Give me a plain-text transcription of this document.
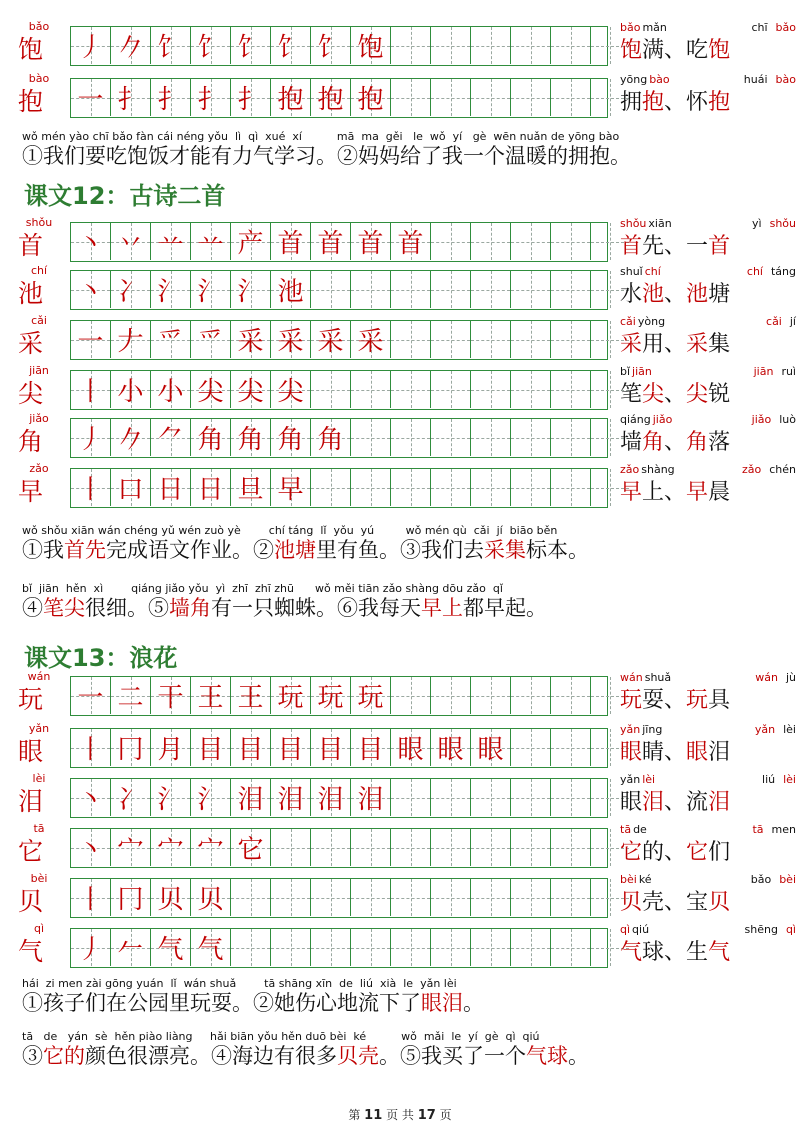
bǎo
饱 丿 𠂊 饣 饣 饣 饣 饣 饱
bǎo mǎn	chī bǎo
饱满、吃饱
bào
抱 一 扌 扌 扌 扌 抱 抱 抱
yōng bào	huái bào
拥抱、怀抱
shǒu
首 丶 丷 䒑 䒑 产 首 首 首 首
shǒu xiān	yì shǒu
首先、一首
chí
池 丶 冫 氵 氵 氵 池
shuǐ chí	chí táng
水池、池塘
cǎi
采 一 𠂇 爫 爫 采 采 采 采
cǎi yòng	cǎi jí
采用、采集
jiān
尖 丨 小 小 尖 尖 尖
bǐ jiān	jiān ruì
笔尖、尖锐
jiǎo
角 丿 𠂊 ⺈ 角 角 角 角
qiáng jiǎo	jiǎo luò
墙角、角落
zǎo
早 丨 口 日 日 旦 早
zǎo shàng	zǎo chén
早上、早晨
wán
玩 一 二 干 王 王 玩 玩 玩
wán shuǎ	wán jù
玩耍、玩具
yǎn
眼 丨 冂 月 目 目 目 目 目 眼 眼 眼
yǎn jīng	yǎn lèi
眼睛、眼泪
lèi
泪 丶 冫 氵 氵 泪 泪 泪 泪
yǎn lèi	liú lèi
眼泪、流泪
tā
它 丶 宀 宀 宀 它
tā de	tā men
它的、它们
bèi
贝 丨 冂 贝 贝
bèi ké	bǎo bèi
贝壳、宝贝
qì
气 丿 𠂉 气 气
qì qiú	shēng qì
气球、生气
课文12：古诗二首
课文13：浪花
wǒ mén yào chī bǎo fàn cái néng yǒu  lì  qì  xué  xí          mā  ma  gěi   le  wǒ  yí   gè  wēn nuǎn de yōng bào
①我们要吃饱饭才能有力气学习。②妈妈给了我一个温暖的拥抱。
wǒ shǒu xiān wán chéng yǔ wén zuò yè        chí táng  lǐ  yǒu  yú         wǒ mén qù  cǎi  jí  biāo běn
①我首先完成语文作业。②池塘里有鱼。③我们去采集标本。
bǐ  jiān  hěn  xì        qiáng jiǎo yǒu  yì  zhī  zhī zhū      wǒ měi tiān zǎo shàng dōu zǎo  qǐ
④笔尖很细。⑤墙角有一只蜘蛛。⑥我每天早上都早起。
hái  zi men zài gōng yuán  lǐ  wán shuǎ        tā shāng xīn  de  liú  xià  le  yǎn lèi
①孩子们在公园里玩耍。②她伤心地流下了眼泪。
tā   de   yán  sè  hěn piào liàng     hǎi biān yǒu hěn duō bèi  ké          wǒ  mǎi  le  yí  gè  qì  qiú
③它的颜色很漂亮。④海边有很多贝壳。⑤我买了一个气球。
第 11 页 共 17 页
